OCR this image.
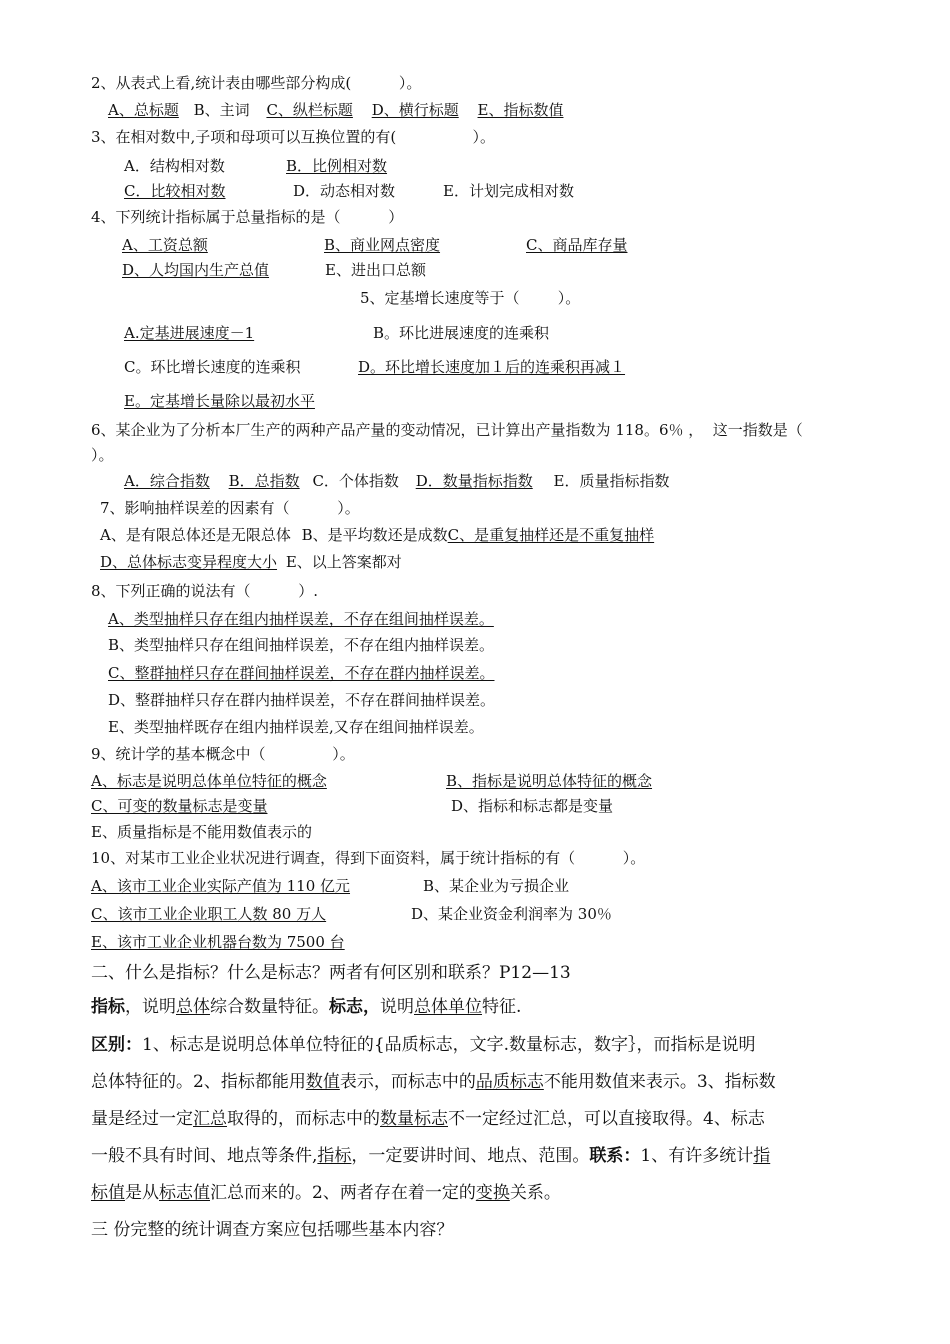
2、从表式上看,统计表由哪些部分构成(          ）。
A、总标题 B、主词 C、纵栏标题 D、横行标题 E、指标数值
3、在相对数中,子项和母项可以互换位置的有(                ）。
A．结构相对数	B．比例相对数
C．比较相对数	D．动态相对数	E．计划完成相对数
4、下列统计指标属于总量指标的是（          ）
A、工资总额	B、商业网点密度	C、商品库存量
D、人均国内生产总值	E、进出口总额
5、定基增长速度等于（        ）。
A.定基进展速度－1	B。环比进展速度的连乘积
C。环比增长速度的连乘积	D。环比增长速度加１后的连乘积再减１
E。定基增长量除以最初水平
6、某企业为了分析本厂生产的两种产品产量的变动情况，已计算出产量指数为 118。6％ ，  这一指数是（
）。
A．综合指数 B．总指数 C．个体指数 D．数量指标指数 E．质量指标指数
7、影响抽样误差的因素有（          ）。
A、是有限总体还是无限总体 B、是平均数还是成数C、是重复抽样还是不重复抽样
D、总体标志变异程度大小 E、以上答案都对
8、下列正确的说法有（          ）.
A、类型抽样只存在组内抽样误差，不存在组间抽样误差。
B、类型抽样只存在组间抽样误差，不存在组内抽样误差。
C、整群抽样只存在群间抽样误差，不存在群内抽样误差。
D、整群抽样只存在群内抽样误差，不存在群间抽样误差。
E、类型抽样既存在组内抽样误差,又存在组间抽样误差。
9、统计学的基本概念中（              ）。
A、标志是说明总体单位特征的概念	B、指标是说明总体特征的概念
C、可变的数量标志是变量	D、指标和标志都是变量
E、质量指标是不能用数值表示的
10、对某市工业企业状况进行调查，得到下面资料，属于统计指标的有（          ）。
A、该市工业企业实际产值为 110 亿元	B、某企业为亏损企业
C、该市工业企业职工人数 80 万人	D、某企业资金利润率为 30％
E、该市工业企业机器台数为 7500 台
二、什么是指标？什么是标志？两者有何区别和联系？P12—13
指标，说明总体综合数量特征。标志，说明总体单位特征.
区别：1、标志是说明总体单位特征的{品质标志，文字.数量标志，数字｝，而指标是说明
总体特征的。2、指标都能用数值表示，而标志中的品质标志不能用数值来表示。3、指标数
量是经过一定汇总取得的，而标志中的数量标志不一定经过汇总，可以直接取得。4、标志
一般不具有时间、地点等条件,指标，一定要讲时间、地点、范围。联系：1、有许多统计指
标值是从标志值汇总而来的。2、两者存在着一定的变换关系。
三 份完整的统计调查方案应包括哪些基本内容？
